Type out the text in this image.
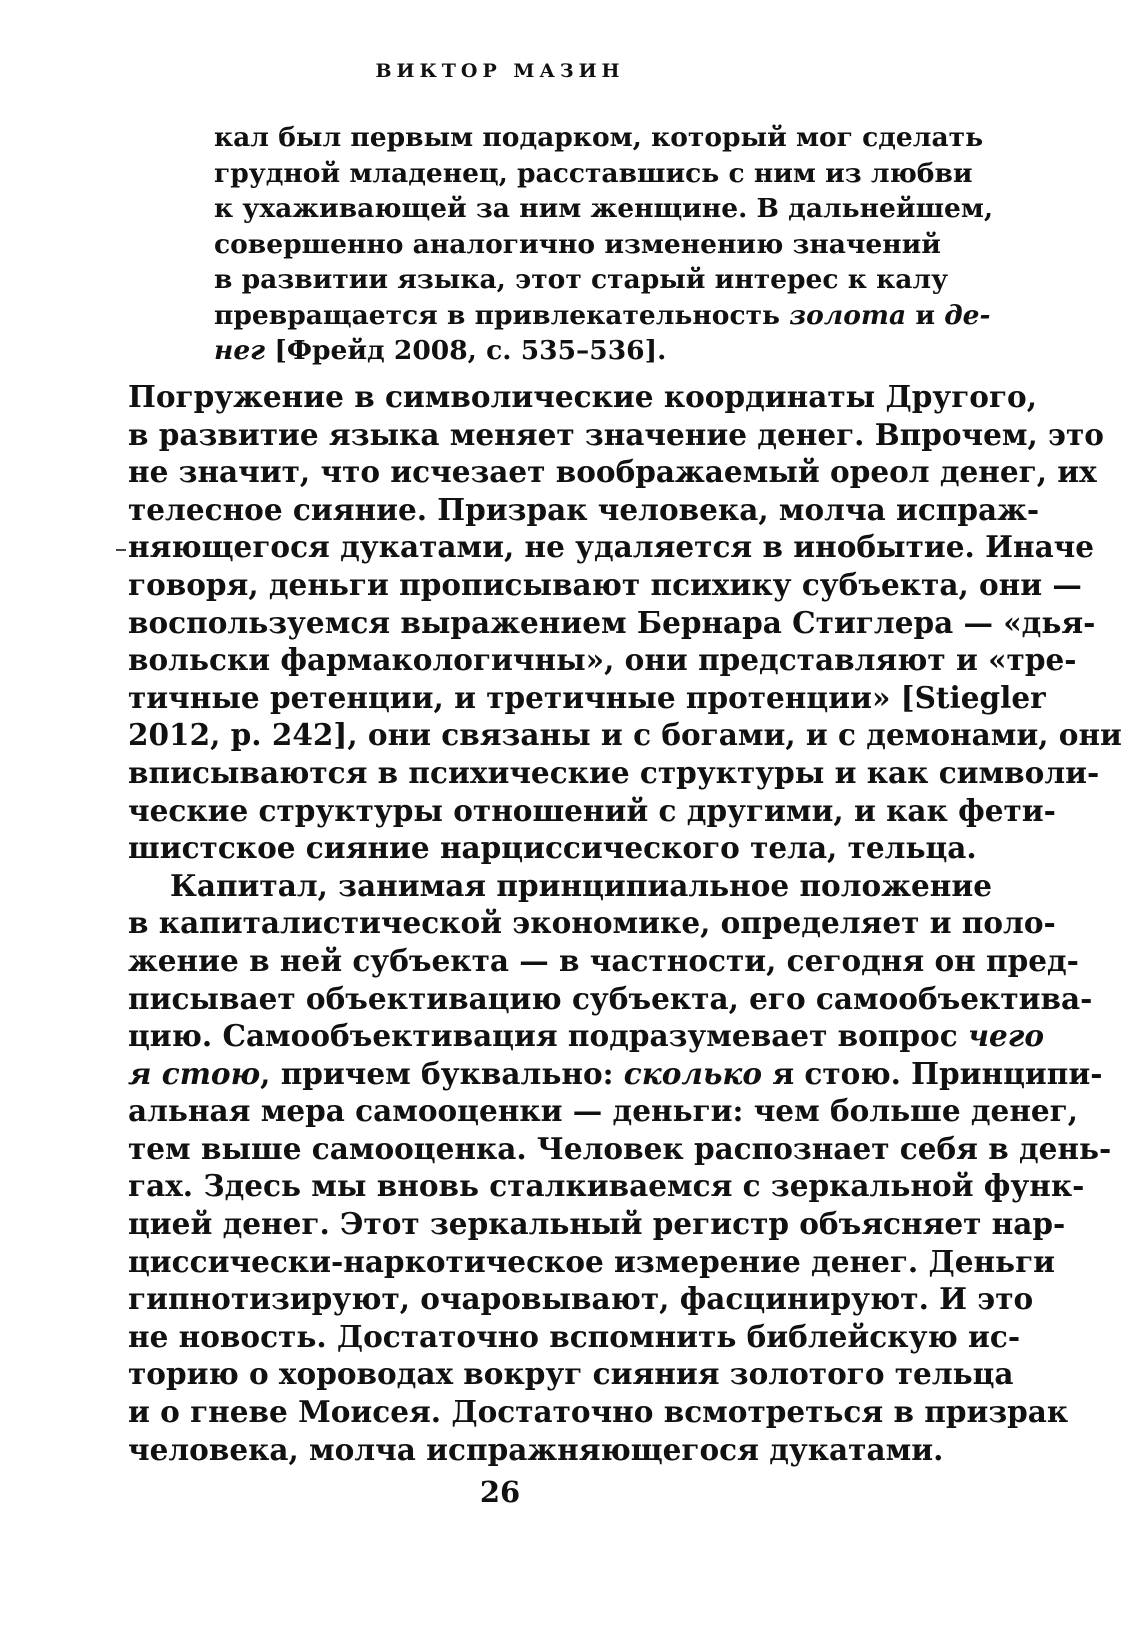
ВИКТОР МАЗИН
кал был первым подарком, который мог сделать
грудной младенец, расставшись с ним из любви
к ухаживающей за ним женщине. В дальнейшем,
совершенно аналогично изменению значений
в развитии языка, этот старый интерес к калу
превращается в привлекательность золота и де-
нег [Фрейд 2008, с. 535–536].
Погружение в символические координаты Другого,
в развитие языка меняет значение денег. Впрочем, это
не значит, что исчезает воображаемый ореол денег, их
телесное сияние. Призрак человека, молча испраж-
няющегося дукатами, не удаляется в инобытие. Иначе
говоря, деньги прописывают психику субъекта, они —
воспользуемся выражением Бернара Стиглера — «дья-
вольски фармакологичны», они представляют и «тре-
тичные ретенции, и третичные протенции» [Stiegler
2012, p. 242], они связаны и с богами, и с демонами, они
вписываются в психические структуры и как символи-
ческие структуры отношений с другими, и как фети-
шистское сияние нарциссического тела, тельца.
Капитал, занимая принципиальное положение
в капиталистической экономике, определяет и поло-
жение в ней субъекта — в частности, сегодня он пред-
писывает объективацию субъекта, его самообъектива-
цию. Самообъективация подразумевает вопрос чего
я стою, причем буквально: сколько я стою. Принципи-
альная мера самооценки — деньги: чем больше денег,
тем выше самооценка. Человек распознает себя в день-
гах. Здесь мы вновь сталкиваемся с зеркальной функ-
цией денег. Этот зеркальный регистр объясняет нар-
циссически-наркотическое измерение денег. Деньги
гипнотизируют, очаровывают, фасцинируют. И это
не новость. Достаточно вспомнить библейскую ис-
торию о хороводах вокруг сияния золотого тельца
и о гневе Моисея. Достаточно всмотреться в призрак
человека, молча испражняющегося дукатами.
26
